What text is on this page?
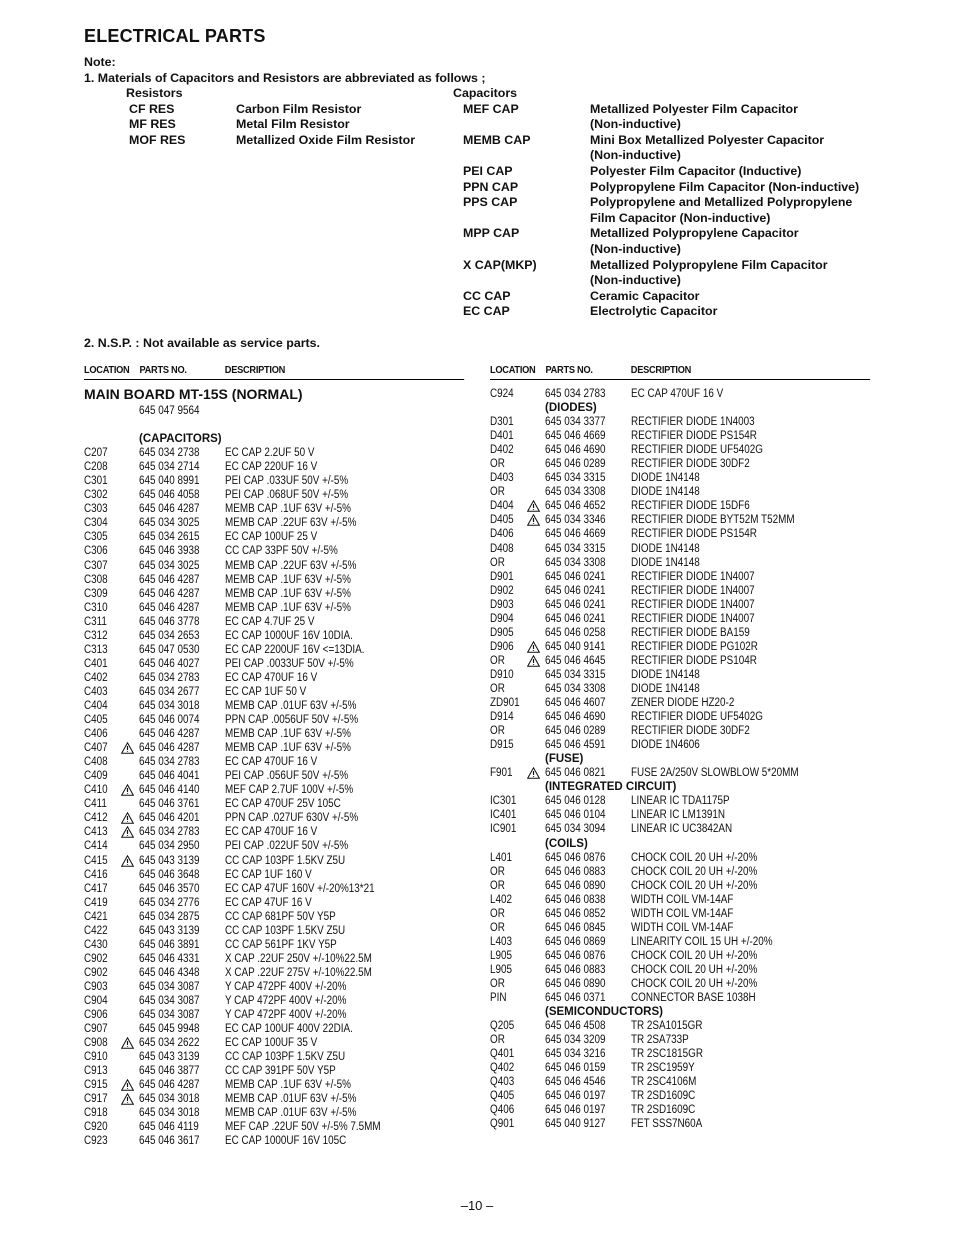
ELECTRICAL PARTS
Note:
1. Materials of Capacitors and Resistors are abbreviated as follows ;
Resistors	Capacitors
CF RES	Carbon Film Resistor
MF RES	Metal Film Resistor
MOF RES	Metallized Oxide Film Resistor
MEF CAP	Metallized Polyester Film Capacitor
(Non-inductive)
MEMB CAP	Mini Box Metallized Polyester Capacitor
(Non-inductive)
PEI CAP	Polyester Film Capacitor (Inductive)
PPN CAP	Polypropylene Film Capacitor (Non-inductive)
PPS CAP	Polypropylene and Metallized Polypropylene
Film Capacitor (Non-inductive)
MPP CAP	Metallized Polypropylene Capacitor
(Non-inductive)
X CAP(MKP)	Metallized Polypropylene Film Capacitor
(Non-inductive)
CC CAP	Ceramic Capacitor
EC CAP	Electrolytic Capacitor
2. N.S.P. : Not available as service parts.
LOCATION PARTS NO.	DESCRIPTION
MAIN BOARD MT-15S (NORMAL)
645 047 9564
(CAPACITORS)
C207	645 034 2738 EC CAP 2.2UF 50 V
C208	645 034 2714 EC CAP 220UF 16 V
C301	645 040 8991 PEI CAP .033UF 50V +/-5%
C302	645 046 4058 PEI CAP .068UF 50V +/-5%
C303	645 046 4287 MEMB CAP .1UF 63V +/-5%
C304	645 034 3025 MEMB CAP .22UF 63V +/-5%
C305	645 034 2615 EC CAP 100UF 25 V
C306	645 046 3938 CC CAP 33PF 50V +/-5%
C307	645 034 3025 MEMB CAP .22UF 63V +/-5%
C308	645 046 4287 MEMB CAP .1UF 63V +/-5%
C309	645 046 4287 MEMB CAP .1UF 63V +/-5%
C310	645 046 4287 MEMB CAP .1UF 63V +/-5%
C311	645 046 3778 EC CAP 4.7UF 25 V
C312	645 034 2653 EC CAP 1000UF 16V 10DIA.
C313	645 047 0530 EC CAP 2200UF 16V <=13DIA.
C401	645 046 4027 PEI CAP .0033UF 50V +/-5%
C402	645 034 2783 EC CAP 470UF 16 V
C403	645 034 2677 EC CAP 1UF 50 V
C404	645 034 3018 MEMB CAP .01UF 63V +/-5%
C405	645 046 0074 PPN CAP .0056UF 50V +/-5%
C406	645 046 4287 MEMB CAP .1UF 63V +/-5%
C407	645 046 4287 MEMB CAP .1UF 63V +/-5%
C408	645 034 2783 EC CAP 470UF 16 V
C409	645 046 4041 PEI CAP .056UF 50V +/-5%
C410	645 046 4140 MEF CAP 2.7UF 100V +/-5%
C411	645 046 3761 EC CAP 470UF 25V 105C
C412	645 046 4201 PPN CAP .027UF 630V +/-5%
C413	645 034 2783 EC CAP 470UF 16 V
C414	645 034 2950 PEI CAP .022UF 50V +/-5%
C415	645 043 3139 CC CAP 103PF 1.5KV Z5U
C416	645 046 3648 EC CAP 1UF 160 V
C417	645 046 3570 EC CAP 47UF 160V +/-20%13*21
C419	645 034 2776 EC CAP 47UF 16 V
C421	645 034 2875 CC CAP 681PF 50V Y5P
C422	645 043 3139 CC CAP 103PF 1.5KV Z5U
C430	645 046 3891 CC CAP 561PF 1KV Y5P
C902	645 046 4331 X CAP .22UF 250V +/-10%22.5M
C902	645 046 4348 X CAP .22UF 275V +/-10%22.5M
C903	645 034 3087 Y CAP 472PF 400V +/-20%
C904	645 034 3087 Y CAP 472PF 400V +/-20%
C906	645 034 3087 Y CAP 472PF 400V +/-20%
C907	645 045 9948 EC CAP 100UF 400V 22DIA.
C908	645 034 2622 EC CAP 100UF 35 V
C910	645 043 3139 CC CAP 103PF 1.5KV Z5U
C913	645 046 3877 CC CAP 391PF 50V Y5P
C915	645 046 4287 MEMB CAP .1UF 63V +/-5%
C917	645 034 3018 MEMB CAP .01UF 63V +/-5%
C918	645 034 3018 MEMB CAP .01UF 63V +/-5%
C920	645 046 4119 MEF CAP .22UF 50V +/-5% 7.5MM
C923	645 046 3617 EC CAP 1000UF 16V 105C
LOCATION PARTS NO.	DESCRIPTION
C924	645 034 2783 EC CAP 470UF 16 V
(DIODES)
D301	645 034 3377 RECTIFIER DIODE 1N4003
D401	645 046 4669 RECTIFIER DIODE PS154R
D402	645 046 4690 RECTIFIER DIODE UF5402G
OR	645 046 0289 RECTIFIER DIODE 30DF2
D403	645 034 3315 DIODE 1N4148
OR	645 034 3308 DIODE 1N4148
D404	645 046 4652 RECTIFIER DIODE 15DF6
D405	645 034 3346 RECTIFIER DIODE BYT52M T52MM
D406	645 046 4669 RECTIFIER DIODE PS154R
D408	645 034 3315 DIODE 1N4148
OR	645 034 3308 DIODE 1N4148
D901	645 046 0241 RECTIFIER DIODE 1N4007
D902	645 046 0241 RECTIFIER DIODE 1N4007
D903	645 046 0241 RECTIFIER DIODE 1N4007
D904	645 046 0241 RECTIFIER DIODE 1N4007
D905	645 046 0258 RECTIFIER DIODE BA159
D906	645 040 9141 RECTIFIER DIODE PG102R
OR	645 046 4645 RECTIFIER DIODE PS104R
D910	645 034 3315 DIODE 1N4148
OR	645 034 3308 DIODE 1N4148
ZD901 645 046 4607 ZENER DIODE HZ20-2
D914	645 046 4690 RECTIFIER DIODE UF5402G
OR	645 046 0289 RECTIFIER DIODE 30DF2
D915	645 046 4591 DIODE 1N4606
(FUSE)
F901	645 046 0821 FUSE 2A/250V SLOWBLOW 5*20MM
(INTEGRATED CIRCUIT)
IC301 645 046 0128 LINEAR IC TDA1175P
IC401 645 046 0104 LINEAR IC LM1391N
IC901 645 034 3094 LINEAR IC UC3842AN
(COILS)
L401	645 046 0876 CHOCK COIL 20 UH +/-20%
OR	645 046 0883 CHOCK COIL 20 UH +/-20%
OR	645 046 0890 CHOCK COIL 20 UH +/-20%
L402	645 046 0838 WIDTH COIL VM-14AF
OR	645 046 0852 WIDTH COIL VM-14AF
OR	645 046 0845 WIDTH COIL VM-14AF
L403	645 046 0869 LINEARITY COIL 15 UH +/-20%
L905	645 046 0876 CHOCK COIL 20 UH +/-20%
L905	645 046 0883 CHOCK COIL 20 UH +/-20%
OR	645 046 0890 CHOCK COIL 20 UH +/-20%
PIN	645 046 0371 CONNECTOR BASE 1038H
(SEMICONDUCTORS)
Q205	645 046 4508 TR 2SA1015GR
OR	645 034 3209 TR 2SA733P
Q401	645 034 3216 TR 2SC1815GR
Q402	645 046 0159 TR 2SC1959Y
Q403	645 046 4546 TR 2SC4106M
Q405	645 046 0197 TR 2SD1609C
Q406	645 046 0197 TR 2SD1609C
Q901	645 040 9127 FET SSS7N60A
–10 –
